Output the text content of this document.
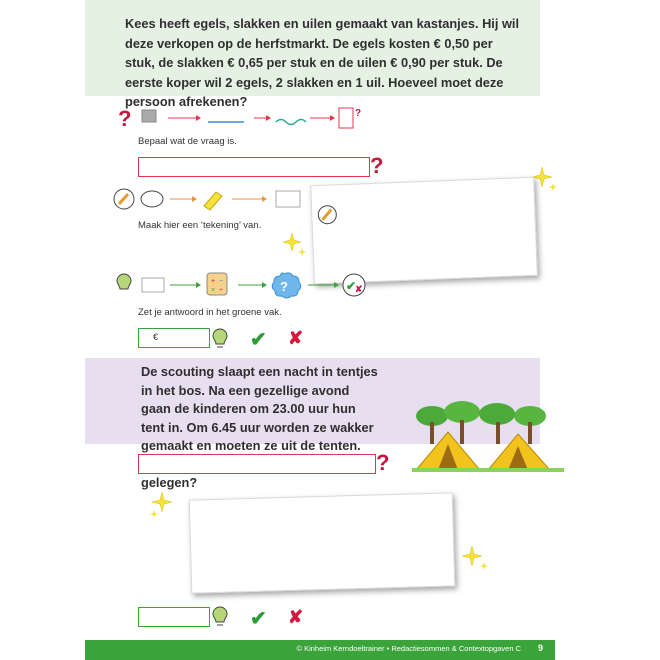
Kees heeft egels, slakken en uilen gemaakt van kastanjes. Hij wil deze verkopen op de herfstmarkt. De egels kosten € 0,50 per stuk, de slakken € 0,65 per stuk en de uilen € 0,90 per stuk. De eerste koper wil 2 egels, 2 slakken en 1 uil. Hoeveel moet deze persoon afrekenen?

?	?
Bepaal wat de vraag is.
?
Maak hier een ‘tekening’ van.
+ −
× ÷	?	✔
✘
Zet je antwoord in het groene vak.
€	✔ ✘

De scouting slaapt een nacht in tentjes in het bos. Na een gezellige avond gaan de kinderen om 23.00 uur hun tent in. Om 6.45 uur worden ze wakker gemaakt en moeten ze uit de tenten. gelegen?

?
✔ ✘
© Kinheim Kerndoeltrainer • Redactiesommen & Contextopgaven C 9
